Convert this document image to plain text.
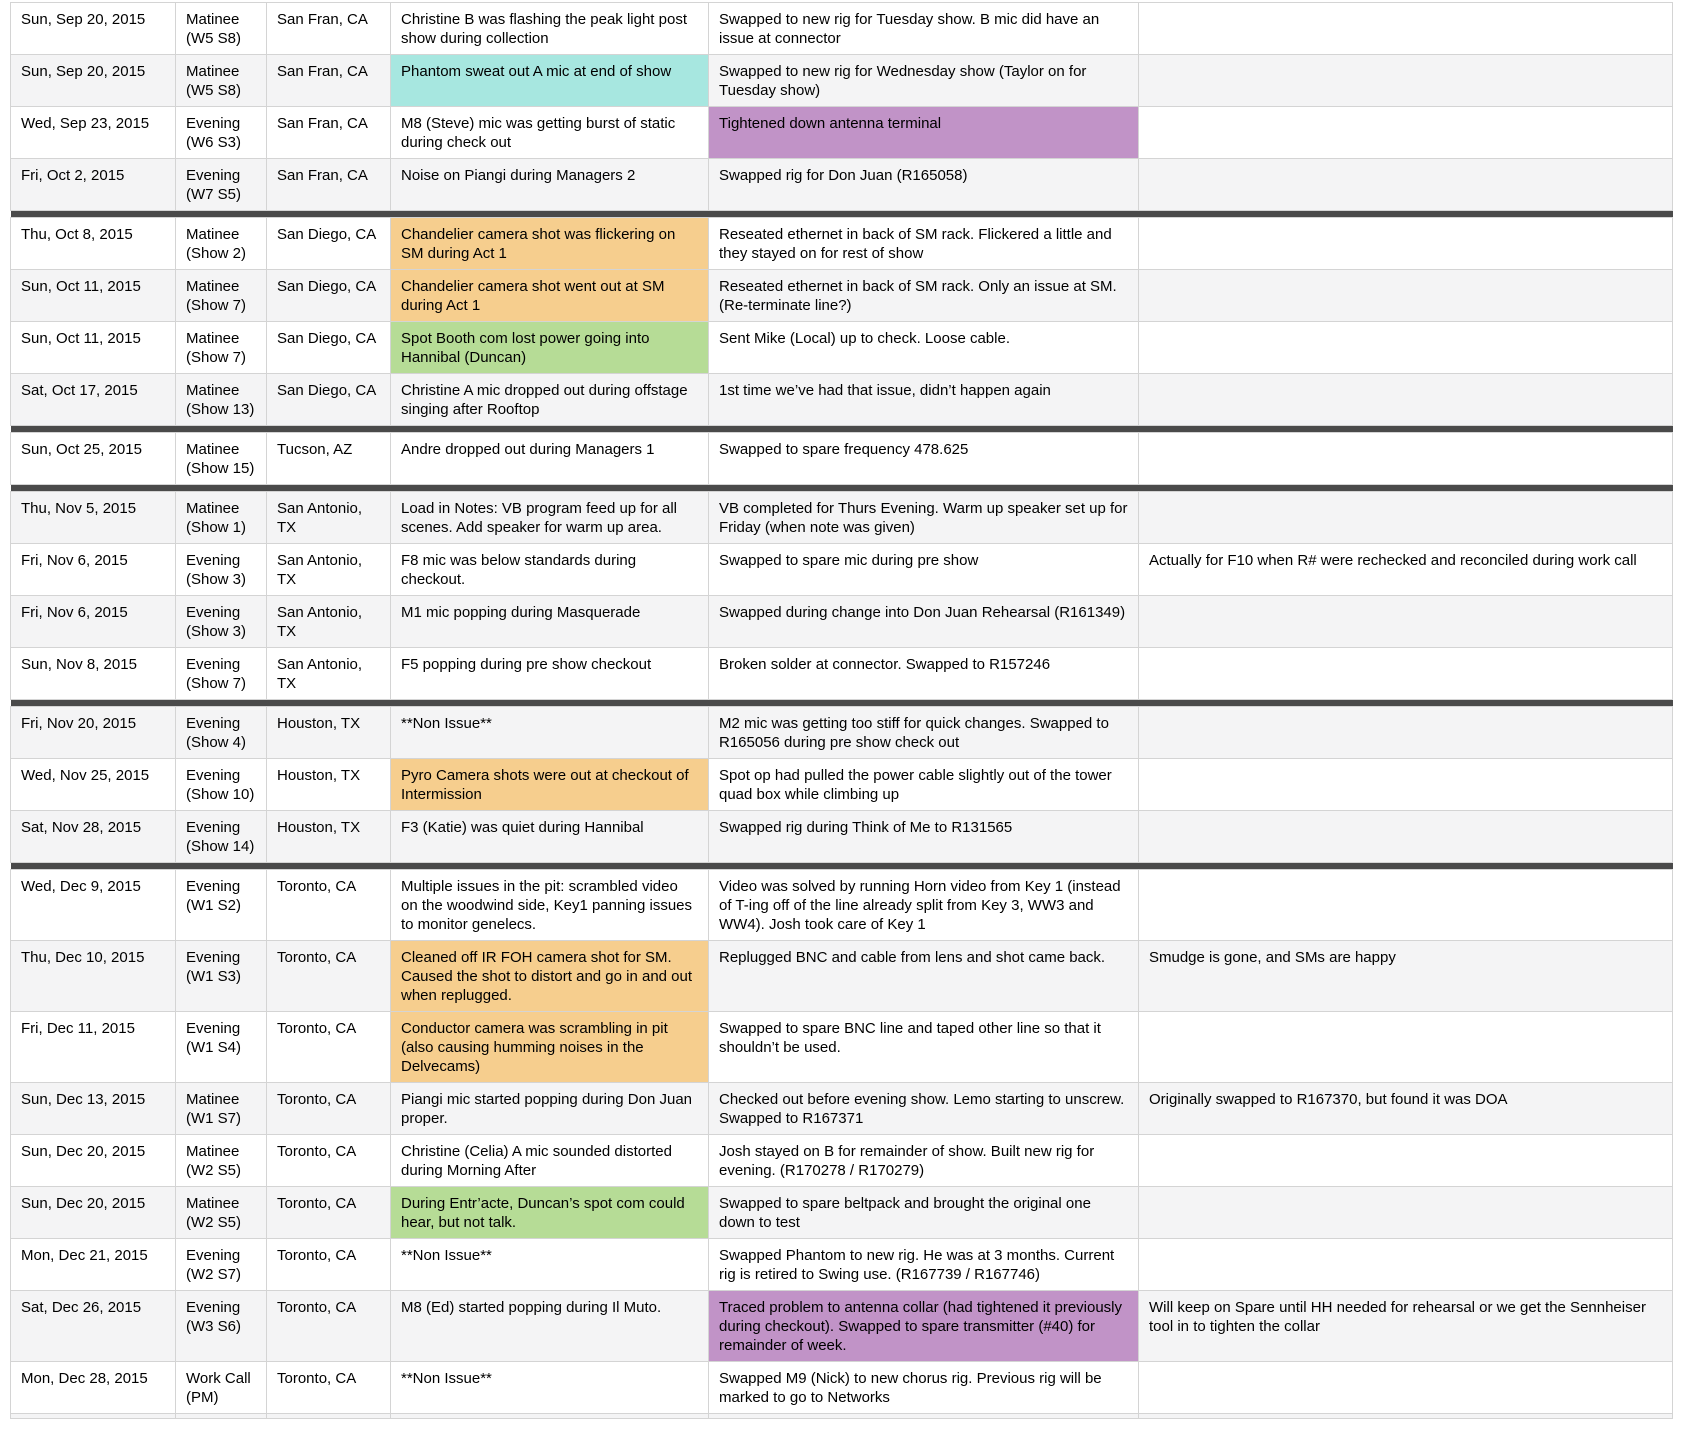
Sun, Sep 20, 2015	Matinee (W5 S8)	San Fran, CA	Christine B was flashing the peak light post show during collection	Swapped to new rig for Tuesday show. B mic did have an issue at connector	
Sun, Sep 20, 2015	Matinee (W5 S8)	San Fran, CA	Phantom sweat out A mic at end of show	Swapped to new rig for Wednesday show (Taylor on for Tuesday show)	
Wed, Sep 23, 2015	Evening (W6 S3)	San Fran, CA	M8 (Steve) mic was getting burst of static during check out	Tightened down antenna terminal	
Fri, Oct 2, 2015	Evening (W7 S5)	San Fran, CA	Noise on Piangi during Managers 2	Swapped rig for Don Juan (R165058)	

Thu, Oct 8, 2015	Matinee (Show 2)	San Diego, CA	Chandelier camera shot was flickering on SM during Act 1	Reseated ethernet in back of SM rack. Flickered a little and they stayed on for rest of show	
Sun, Oct 11, 2015	Matinee (Show 7)	San Diego, CA	Chandelier camera shot went out at SM during Act 1	Reseated ethernet in back of SM rack. Only an issue at SM. (Re-terminate line?)	
Sun, Oct 11, 2015	Matinee (Show 7)	San Diego, CA	Spot Booth com lost power going into Hannibal (Duncan)	Sent Mike (Local) up to check. Loose cable.	
Sat, Oct 17, 2015	Matinee (Show 13)	San Diego, CA	Christine A mic dropped out during offstage singing after Rooftop	1st time we’ve had that issue, didn’t happen again	

Sun, Oct 25, 2015	Matinee (Show 15)	Tucson, AZ	Andre dropped out during Managers 1	Swapped to spare frequency 478.625	

Thu, Nov 5, 2015	Matinee (Show 1)	San Antonio, TX	Load in Notes: VB program feed up for all scenes. Add speaker for warm up area.	VB completed for Thurs Evening. Warm up speaker set up for Friday (when note was given)	
Fri, Nov 6, 2015	Evening (Show 3)	San Antonio, TX	F8 mic was below standards during checkout.	Swapped to spare mic during pre show	Actually for F10 when R# were rechecked and reconciled during work call
Fri, Nov 6, 2015	Evening (Show 3)	San Antonio, TX	M1 mic popping during Masquerade	Swapped during change into Don Juan Rehearsal (R161349)	
Sun, Nov 8, 2015	Evening (Show 7)	San Antonio, TX	F5 popping during pre show checkout	Broken solder at connector. Swapped to R157246	

Fri, Nov 20, 2015	Evening (Show 4)	Houston, TX	**Non Issue**	M2 mic was getting too stiff for quick changes. Swapped to R165056 during pre show check out	
Wed, Nov 25, 2015	Evening (Show 10)	Houston, TX	Pyro Camera shots were out at checkout of Intermission	Spot op had pulled the power cable slightly out of the tower quad box while climbing up	
Sat, Nov 28, 2015	Evening (Show 14)	Houston, TX	F3 (Katie) was quiet during Hannibal	Swapped rig during Think of Me to R131565	

Wed, Dec 9, 2015	Evening (W1 S2)	Toronto, CA	Multiple issues in the pit: scrambled video on the woodwind side, Key1 panning issues to monitor genelecs.	Video was solved by running Horn video from Key 1 (instead of T-ing off of the line already split from Key 3, WW3 and WW4). Josh took care of Key 1	
Thu, Dec 10, 2015	Evening (W1 S3)	Toronto, CA	Cleaned off IR FOH camera shot for SM. Caused the shot to distort and go in and out when replugged.	Replugged BNC and cable from lens and shot came back.	Smudge is gone, and SMs are happy
Fri, Dec 11, 2015	Evening (W1 S4)	Toronto, CA	Conductor camera was scrambling in pit (also causing humming noises in the Delvecams)	Swapped to spare BNC line and taped other line so that it shouldn’t be used.	
Sun, Dec 13, 2015	Matinee (W1 S7)	Toronto, CA	Piangi mic started popping during Don Juan proper.	Checked out before evening show. Lemo starting to unscrew. Swapped to R167371	Originally swapped to R167370, but found it was DOA
Sun, Dec 20, 2015	Matinee (W2 S5)	Toronto, CA	Christine (Celia) A mic sounded distorted during Morning After	Josh stayed on B for remainder of show. Built new rig for evening. (R170278 / R170279)	
Sun, Dec 20, 2015	Matinee (W2 S5)	Toronto, CA	During Entr’acte, Duncan’s spot com could hear, but not talk.	Swapped to spare beltpack and brought the original one down to test	
Mon, Dec 21, 2015	Evening (W2 S7)	Toronto, CA	**Non Issue**	Swapped Phantom to new rig. He was at 3 months. Current rig is retired to Swing use. (R167739 / R167746)	
Sat, Dec 26, 2015	Evening (W3 S6)	Toronto, CA	M8 (Ed) started popping during Il Muto.	Traced problem to antenna collar (had tightened it previously during checkout). Swapped to spare transmitter (#40) for remainder of week.	Will keep on Spare until HH needed for rehearsal or we get the Sennheiser tool in to tighten the collar
Mon, Dec 28, 2015	Work Call (PM)	Toronto, CA	**Non Issue**	Swapped M9 (Nick) to new chorus rig. Previous rig will be marked to go to Networks	
